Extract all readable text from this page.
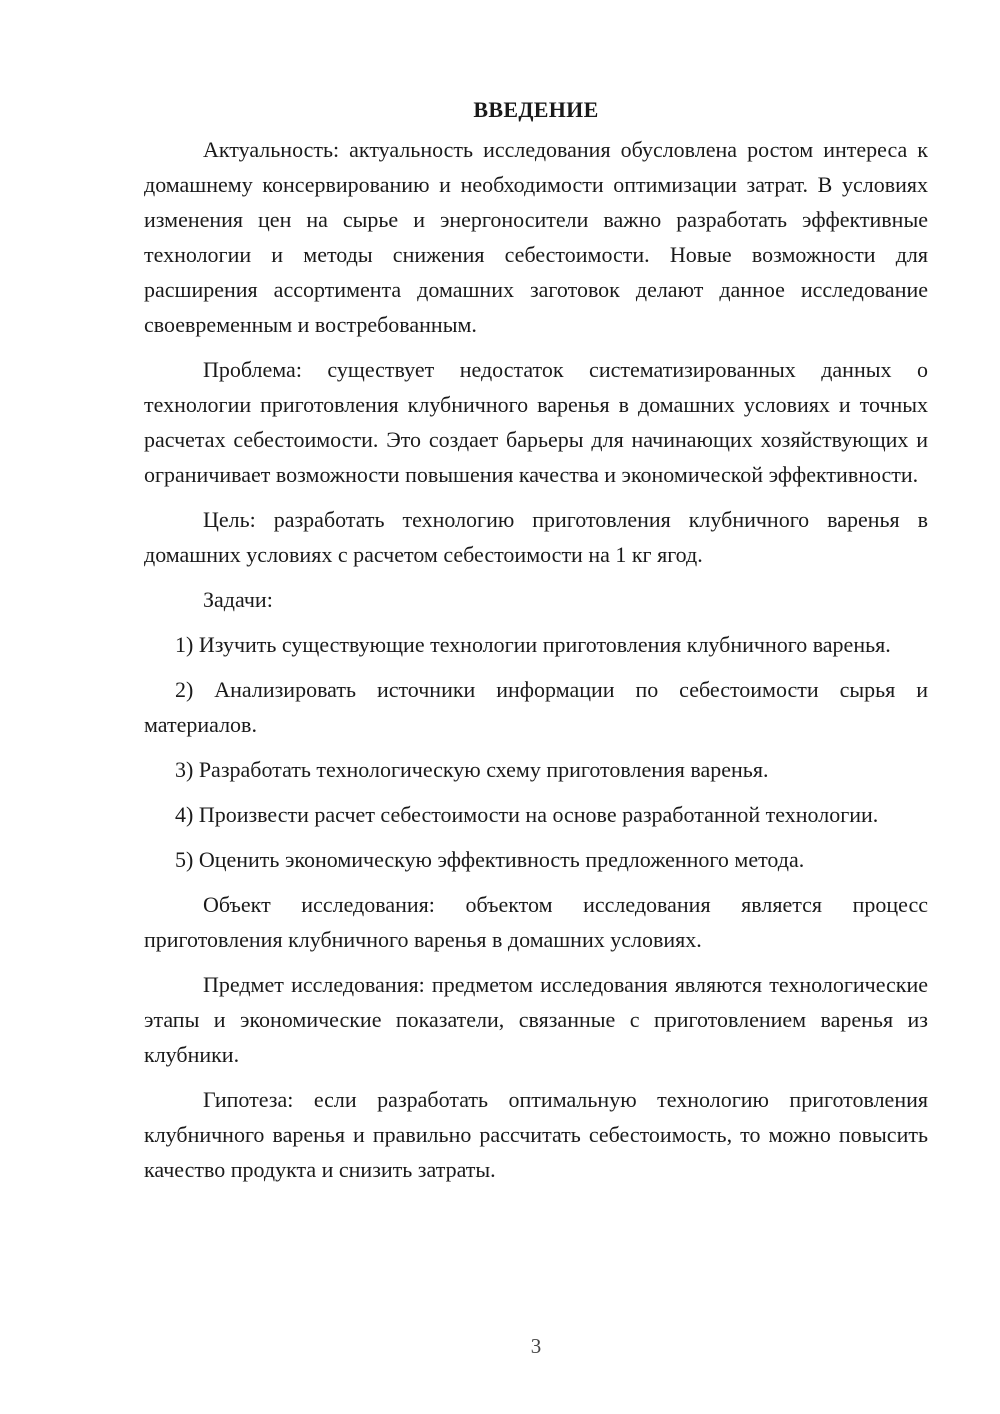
ВВЕДЕНИЕ

Актуальность: актуальность исследования обусловлена ростом интереса к домашнему консервированию и необходимости оптимизации затрат. В условиях изменения цен на сырье и энергоносители важно разработать эффективные технологии и методы снижения себестоимости. Новые возможности для расширения ассортимента домашних заготовок делают данное исследование своевременным и востребованным.

Проблема: существует недостаток систематизированных данных о технологии приготовления клубничного варенья в домашних условиях и точных расчетах себестоимости. Это создает барьеры для начинающих хозяйствующих и ограничивает возможности повышения качества и экономической эффективности.

Цель: разработать технологию приготовления клубничного варенья в домашних условиях с расчетом себестоимости на 1 кг ягод.

Задачи:

1) Изучить существующие технологии приготовления клубничного варенья.

2) Анализировать источники информации по себестоимости сырья и материалов.

3) Разработать технологическую схему приготовления варенья.

4) Произвести расчет себестоимости на основе разработанной технологии.

5) Оценить экономическую эффективность предложенного метода.

Объект исследования: объектом исследования является процесс приготовления клубничного варенья в домашних условиях.

Предмет исследования: предметом исследования являются технологические этапы и экономические показатели, связанные с приготовлением варенья из клубники.

Гипотеза: если разработать оптимальную технологию приготовления клубничного варенья и правильно рассчитать себестоимость, то можно повысить качество продукта и снизить затраты.

3
